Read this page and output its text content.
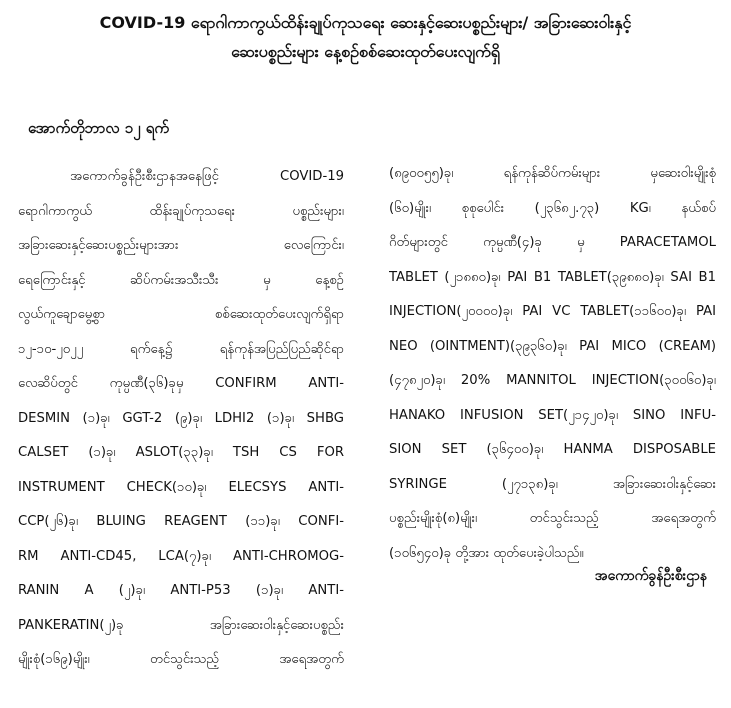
COVID-19 ရောဂါကာကွယ်ထိန်းချုပ်ကုသရေး ဆေးနှင့်ဆေးပစ္စည်းများ/ အခြားဆေးဝါးနှင့်
ဆေးပစ္စည်းများ နေ့စဉ်စစ်ဆေးထုတ်ပေးလျက်ရှိ
အောက်တိုဘာလ ၁၂ ရက်
အကောက်ခွန်ဦးစီးဌာနအနေဖြင့် COVID-19
ရောဂါကာကွယ် ထိန်းချုပ်ကုသရေး ပစ္စည်းများ၊
အခြားဆေးနှင့်ဆေးပစ္စည်းများအား လေကြောင်း၊
ရေကြောင်းနှင့် ဆိပ်ကမ်းအသီးသီး မှ နေ့စဉ်
လွယ်ကူချောမွေ့စွာ စစ်ဆေးထုတ်ပေးလျက်ရှိရာ
၁၂-၁၀-၂၀၂၂ ရက်နေ့၌ ရန်ကုန်အပြည်ပြည်ဆိုင်ရာ
လေဆိပ်တွင် ကုမ္ပဏီ(၃၆)ခုမှ CONFIRM ANTI-
DESMIN (၁)ခု၊ GGT-2 (၉)ခု၊ LDHI2 (၁)ခု၊ SHBG
CALSET (၁)ခု၊ ASLOT(၃၃)ခု၊ TSH CS FOR
INSTRUMENT CHECK(၁၀)ခု၊ ELECSYS ANTI-
CCP(၂၆)ခု၊ BLUING REAGENT (၁၁)ခု၊ CONFI-
RM ANTI-CD45, LCA(၇)ခု၊ ANTI-CHROMOG-
RANIN A (၂)ခု၊ ANTI-P53 (၁)ခု၊ ANTI-
PANKERATIN(၂)ခု အခြားဆေးဝါးနှင့်ဆေးပစ္စည်း
မျိုးစုံ(၁၆၉)မျိုး၊ တင်သွင်းသည့် အရေအတွက်
(၈၉၀၀၅၅)ခု၊ ရန်ကုန်ဆိပ်ကမ်းများ မှဆေးဝါးမျိုးစုံ
(၆၀)မျိုး၊ စုစုပေါင်း (၂၃၆၈၂.၇၃) KG၊ နယ်စပ်
ဂိတ်များတွင် ကုမ္ပဏီ(၄)ခု မှ PARACETAMOL
TABLET (၂၁၈၈၀)ခု၊ PAI B1 TABLET(၃၉၈၈၀)ခု၊ SAI B1
INJECTION(၂၀၀၀၀)ခု၊ PAI VC TABLET(၁၁၆၀၀)ခု၊ PAI
NEO (OINTMENT)(၃၉၃၆၀)ခု၊ PAI MICO (CREAM)
(၄၇၈၂၀)ခု၊ 20% MANNITOL INJECTION(၃၀၀၆၀)ခု၊
HANAKO INFUSION SET(၂၁၄၂၀)ခု၊ SINO INFU-
SION SET (၃၆၄၀၀)ခု၊ HANMA DISPOSABLE
SYRINGE (၂၇၁၃၈)ခု၊ အခြားဆေးဝါးနှင့်ဆေး
ပစ္စည်းမျိုးစုံ(၈)မျိုး၊ တင်သွင်းသည့် အရေအတွက်
(၁၀၆၅၄၀)ခု တို့အား ထုတ်ပေးခဲ့ပါသည်။
အကောက်ခွန်ဦးစီးဌာန
